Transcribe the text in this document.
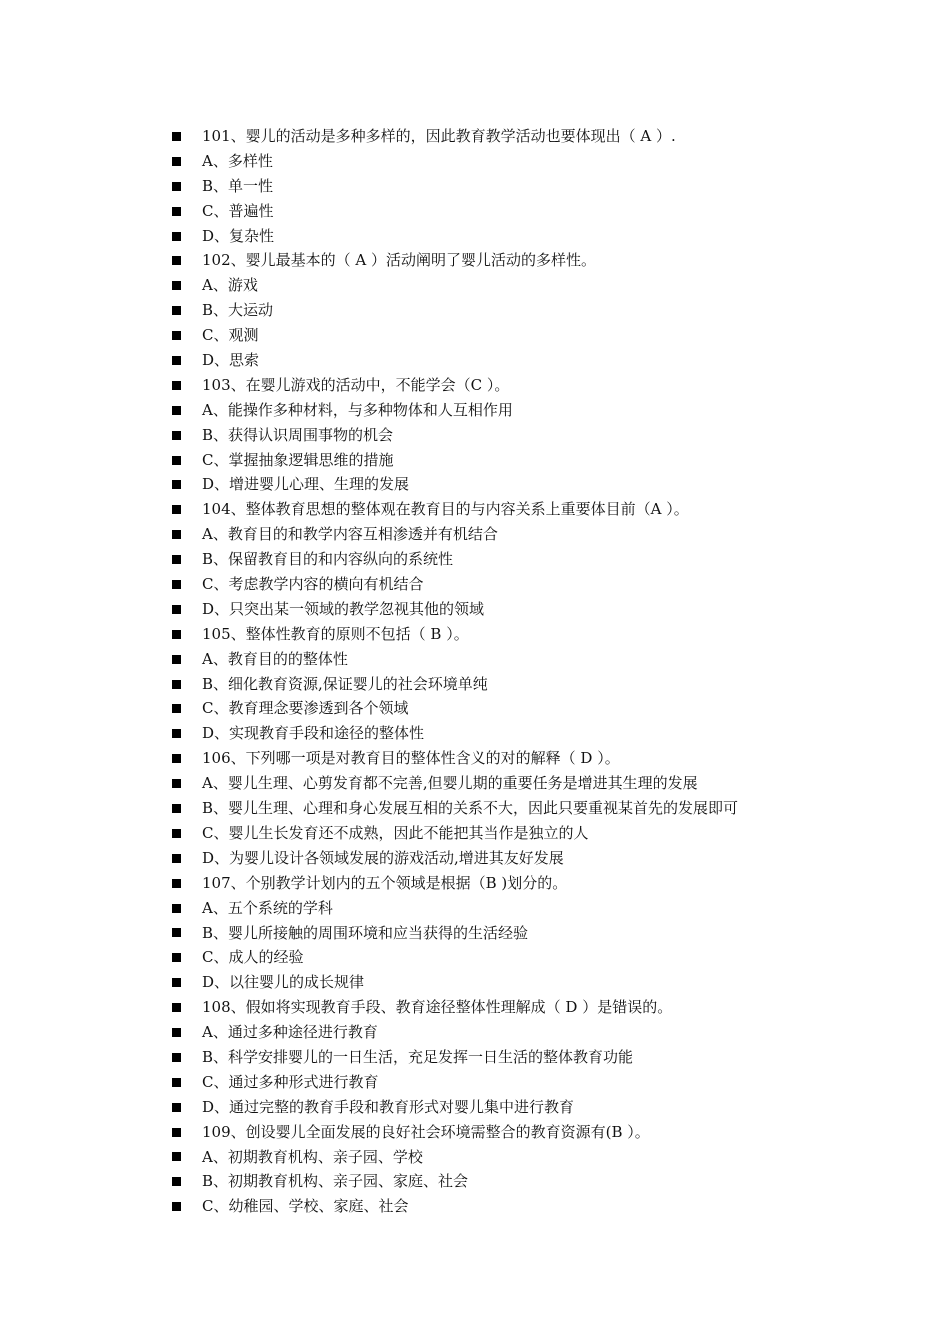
101、婴儿的活动是多种多样的，因此教育教学活动也要体现出（ A ）.
A、多样性
B、单一性
C、普遍性
D、复杂性
102、婴儿最基本的（ A ）活动阐明了婴儿活动的多样性。
A、游戏
B、大运动
C、观测
D、思索
103、在婴儿游戏的活动中，不能学会（C ）。
A、能操作多种材料，与多种物体和人互相作用
B、获得认识周围事物的机会
C、掌握抽象逻辑思维的措施
D、增进婴儿心理、生理的发展
104、整体教育思想的整体观在教育目的与内容关系上重要体目前（A ）。
A、教育目的和教学内容互相渗透并有机结合
B、保留教育目的和内容纵向的系统性
C、考虑教学内容的横向有机结合
D、只突出某一领域的教学忽视其他的领域
105、整体性教育的原则不包括（ B ）。
A、教育目的的整体性
B、细化教育资源,保证婴儿的社会环境单纯
C、教育理念要渗透到各个领域
D、实现教育手段和途径的整体性
106、下列哪一项是对教育目的整体性含义的对的解释（ D ）。
A、婴儿生理、心剪发育都不完善,但婴儿期的重要任务是增进其生理的发展
B、婴儿生理、心理和身心发展互相的关系不大，因此只要重视某首先的发展即可
C、婴儿生长发育还不成熟，因此不能把其当作是独立的人
D、为婴儿设计各领域发展的游戏活动,增进其友好发展
107、个别教学计划内的五个领域是根据（B )划分的。
A、五个系统的学科
B、婴儿所接触的周围环境和应当获得的生活经验
C、成人的经验
D、以往婴儿的成长规律
108、假如将实现教育手段、教育途径整体性理解成（ D ）是错误的。
A、通过多种途径进行教育
B、科学安排婴儿的一日生活，充足发挥一日生活的整体教育功能
C、通过多种形式进行教育
D、通过完整的教育手段和教育形式对婴儿集中进行教育
109、创设婴儿全面发展的良好社会环境需整合的教育资源有(B ）。
A、初期教育机构、亲子园、学校
B、初期教育机构、亲子园、家庭、社会
C、幼稚园、学校、家庭、社会
